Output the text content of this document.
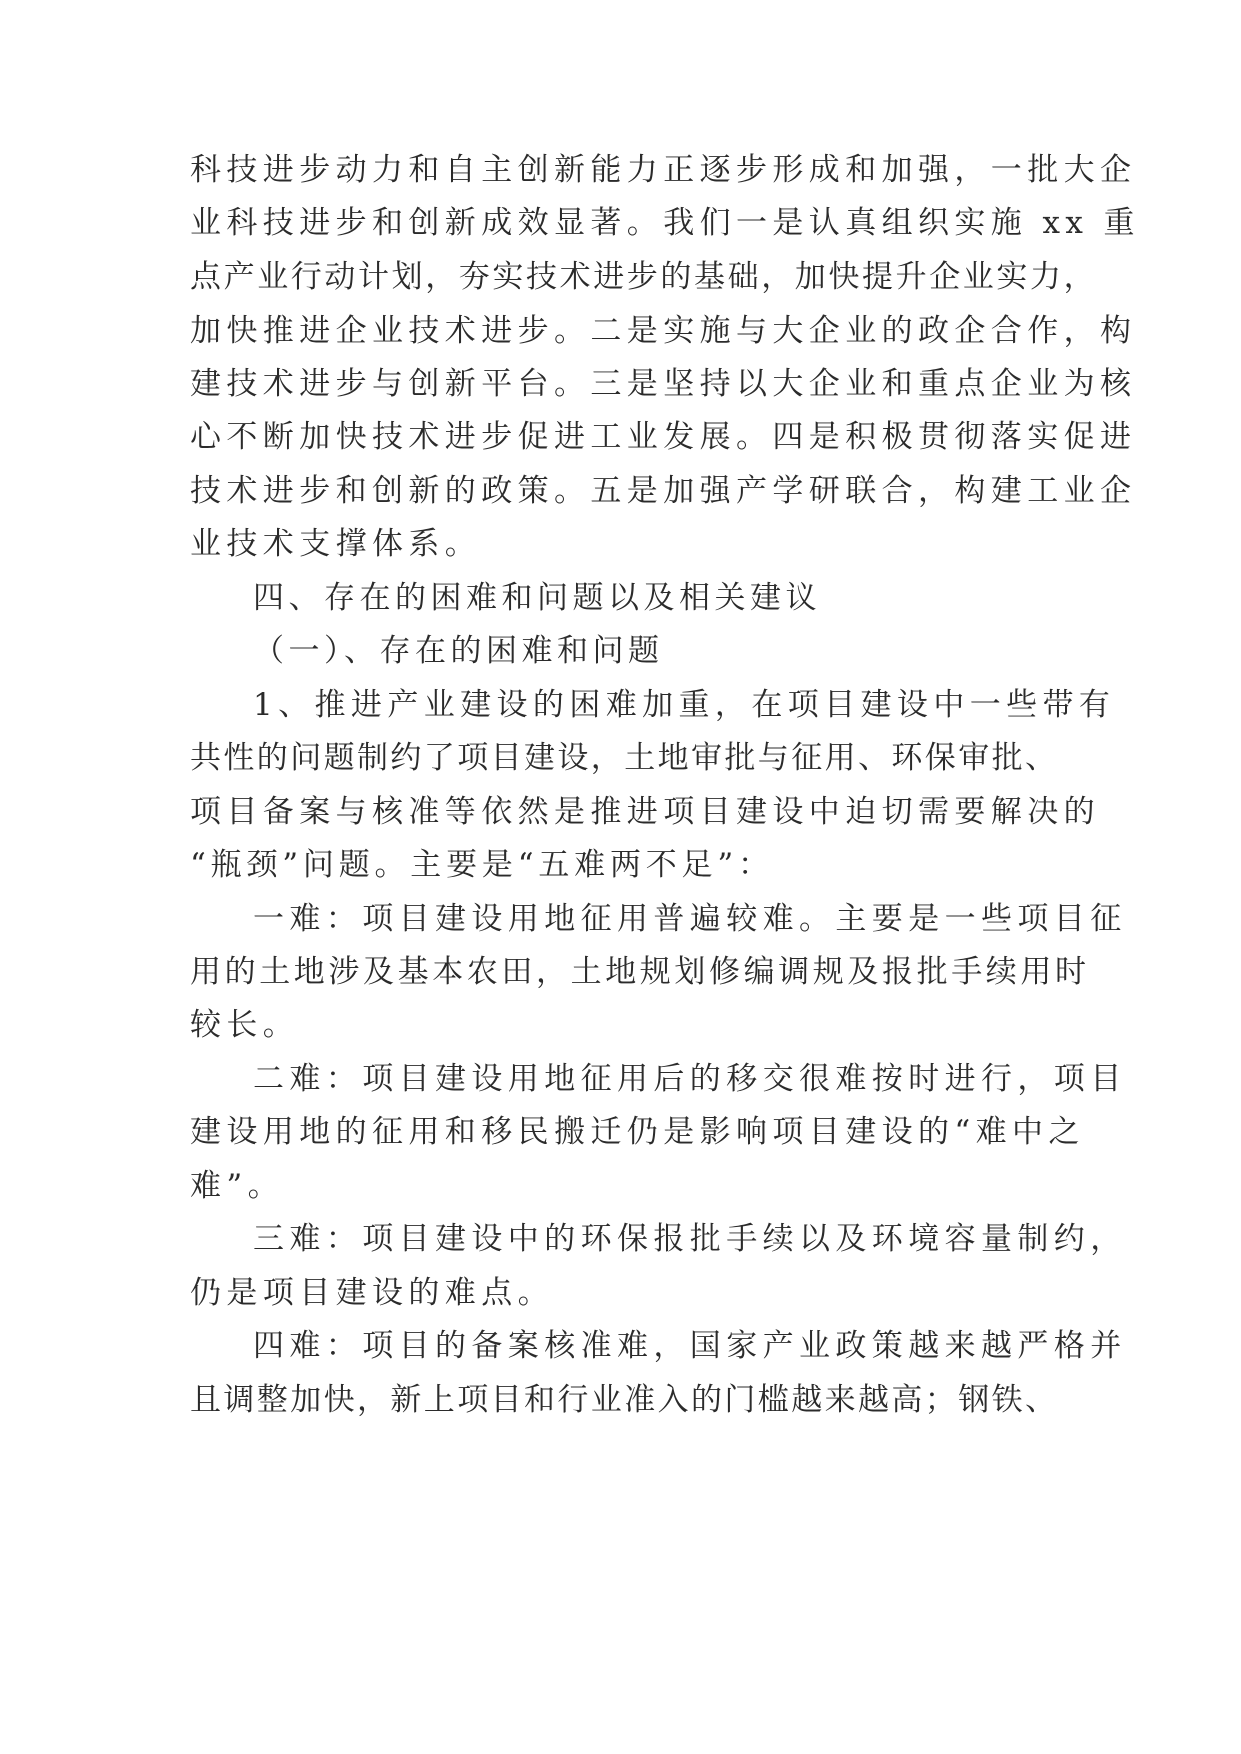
科技进步动力和自主创新能力正逐步形成和加强，一批大企
业科技进步和创新成效显著。我们一是认真组织实施 xx 重
点产业行动计划，夯实技术进步的基础，加快提升企业实力，
加快推进企业技术进步。二是实施与大企业的政企合作，构
建技术进步与创新平台。三是坚持以大企业和重点企业为核
心不断加快技术进步促进工业发展。四是积极贯彻落实促进
技术进步和创新的政策。五是加强产学研联合，构建工业企
业技术支撑体系。
四、存在的困难和问题以及相关建议
（一）、存在的困难和问题
1、推进产业建设的困难加重，在项目建设中一些带有
共性的问题制约了项目建设，土地审批与征用、环保审批、
项目备案与核准等依然是推进项目建设中迫切需要解决的
“瓶颈”问题。主要是“五难两不足”：
一难：项目建设用地征用普遍较难。主要是一些项目征
用的土地涉及基本农田，土地规划修编调规及报批手续用时
较长。
二难：项目建设用地征用后的移交很难按时进行，项目
建设用地的征用和移民搬迁仍是影响项目建设的“难中之
难”。
三难：项目建设中的环保报批手续以及环境容量制约，
仍是项目建设的难点。
四难：项目的备案核准难，国家产业政策越来越严格并
且调整加快，新上项目和行业准入的门槛越来越高；钢铁、
